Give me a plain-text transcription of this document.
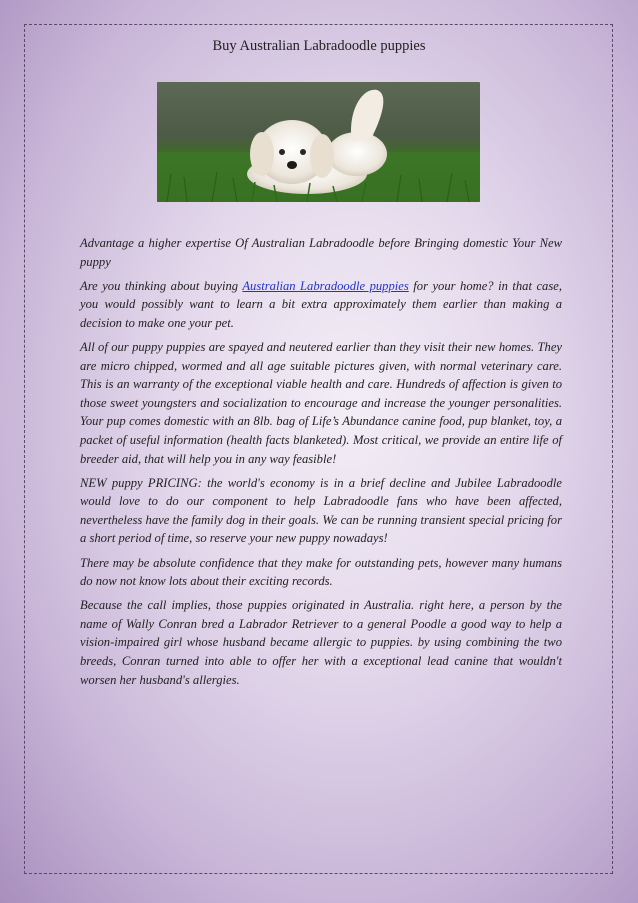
Buy Australian Labradoodle puppies

Advantage a higher expertise Of Australian Labradoodle before Bringing domestic Your New puppy

Are you thinking about buying Australian Labradoodle puppies for your home? in that case, you would possibly want to learn a bit extra approximately them earlier than making a decision to make one your pet.

All of our puppy puppies are spayed and neutered earlier than they visit their new homes. They are micro chipped, wormed and all age suitable pictures given, with normal veterinary care. This is an warranty of the exceptional viable health and care. Hundreds of affection is given to those sweet youngsters and socialization to encourage and increase the younger personalities. Your pup comes domestic with an 8lb. bag of Life’s Abundance canine food, pup blanket, toy, a packet of useful information (health facts blanketed). Most critical, we provide an entire life of breeder aid, that will help you in any way feasible!

NEW puppy PRICING: the world's economy is in a brief decline and Jubilee Labradoodle would love to do our component to help Labradoodle fans who have been affected, nevertheless have the family dog in their goals. We can be running transient special pricing for a short period of time, so reserve your new puppy nowadays!

There may be absolute confidence that they make for outstanding pets, however many humans do now not know lots about their exciting records.

Because the call implies, those puppies originated in Australia. right here, a person by the name of Wally Conran bred a Labrador Retriever to a general Poodle a good way to help a vision-impaired girl whose husband became allergic to puppies. by using combining the two breeds, Conran turned into able to offer her with a exceptional lead canine that wouldn't worsen her husband's allergies.
